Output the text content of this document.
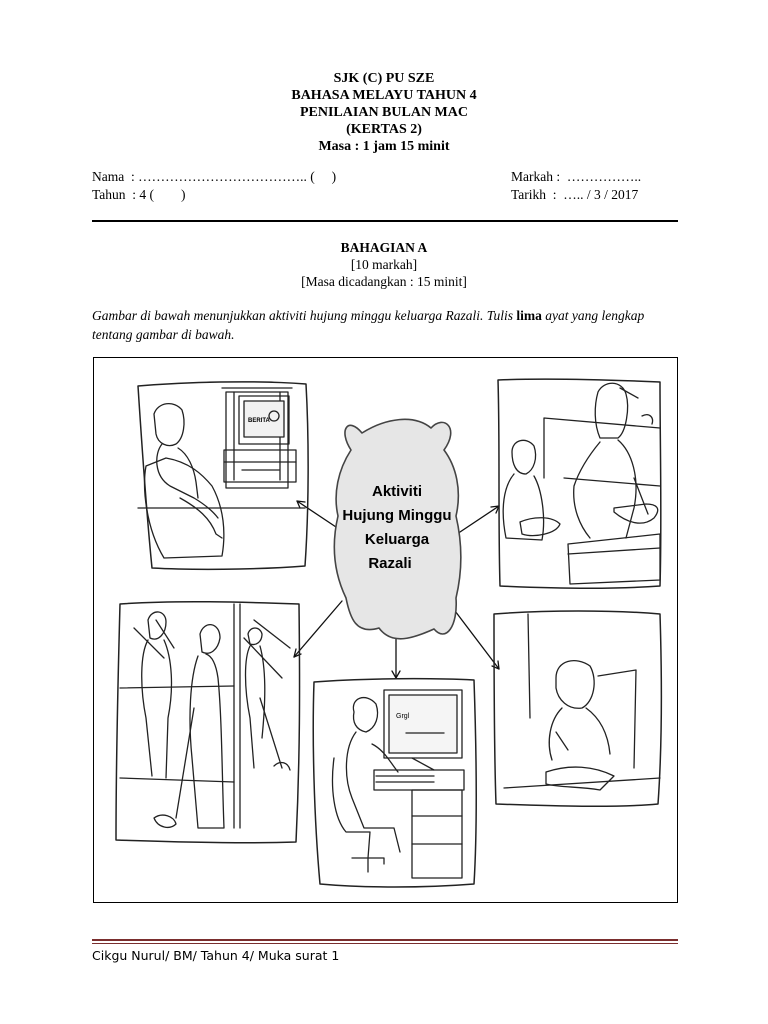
SJK (C) PU SZE
BAHASA MELAYU TAHUN 4
PENILAIAN BULAN MAC
(KERTAS 2)
Masa : 1 jam 15 minit
Nama  : ……………………………….. (     )
Tahun  : 4 (        )
Markah :  ……………..
Tarikh  :  ….. / 3 / 2017
BAHAGIAN A
[10 markah]
[Masa dicadangkan : 15 minit]
Gambar di bawah menunjukkan aktiviti hujung minggu keluarga Razali. Tulis lima ayat yang lengkap tentang gambar di bawah.
Aktiviti
Hujung Minggu
Keluarga
Razali
BERITA
Grgl
Cikgu Nurul/ BM/ Tahun 4/ Muka surat 1
